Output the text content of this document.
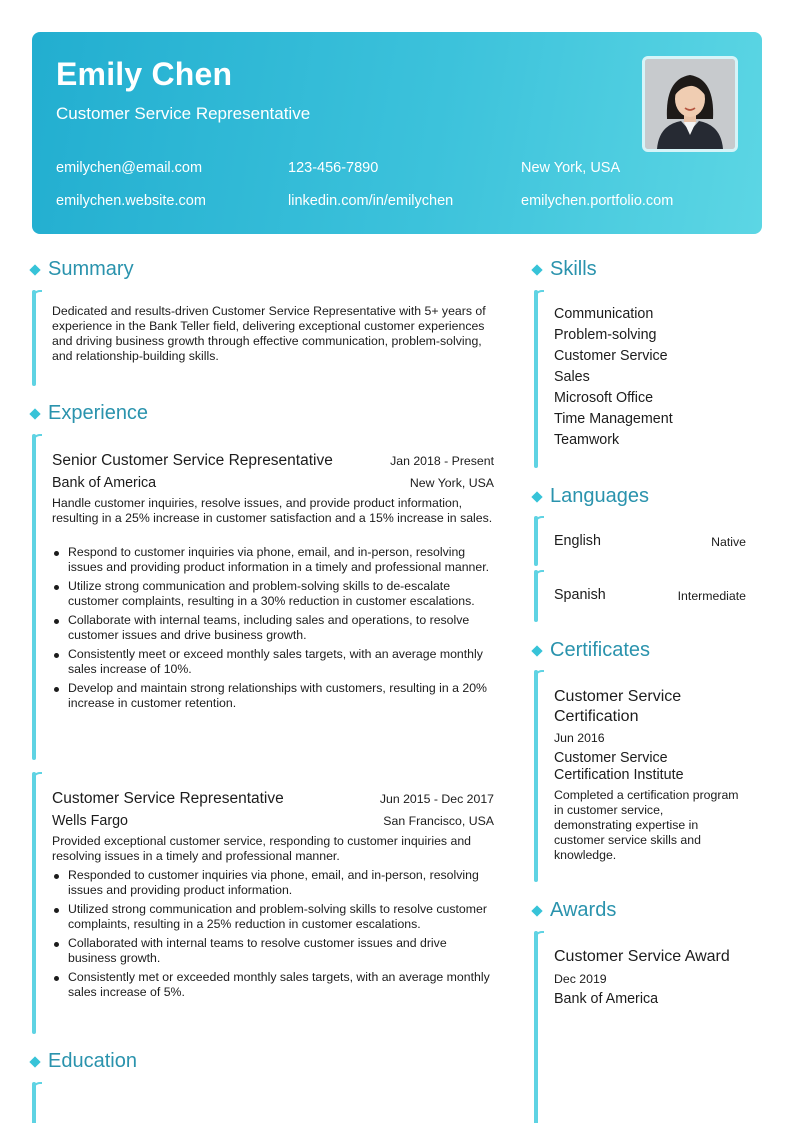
Emily Chen
Customer Service Representative
emilychen@email.com	123-456-7890	New York, USA
emilychen.website.com	linkedin.com/in/emilychen	emilychen.portfolio.com
Summary
Dedicated and results-driven Customer Service Representative with 5+ years of experience in the Bank Teller field, delivering exceptional customer experiences and driving business growth through effective communication, problem-solving, and relationship-building skills.
Experience
Senior Customer Service Representative	Jan 2018 - Present
Bank of America	New York, USA
Handle customer inquiries, resolve issues, and provide product information, resulting in a 25% increase in customer satisfaction and a 15% increase in sales.
Respond to customer inquiries via phone, email, and in-person, resolving issues and providing product information in a timely and professional manner.
Utilize strong communication and problem-solving skills to de-escalate customer complaints, resulting in a 30% reduction in customer escalations.
Collaborate with internal teams, including sales and operations, to resolve customer issues and drive business growth.
Consistently meet or exceed monthly sales targets, with an average monthly sales increase of 10%.
Develop and maintain strong relationships with customers, resulting in a 20% increase in customer retention.
Customer Service Representative	Jun 2015 - Dec 2017
Wells Fargo	San Francisco, USA
Provided exceptional customer service, responding to customer inquiries and resolving issues in a timely and professional manner.
Responded to customer inquiries via phone, email, and in-person, resolving issues and providing product information.
Utilized strong communication and problem-solving skills to resolve customer complaints, resulting in a 25% reduction in customer escalations.
Collaborated with internal teams to resolve customer issues and drive business growth.
Consistently met or exceeded monthly sales targets, with an average monthly sales increase of 5%.
Education
Skills
Communication
Problem-solving
Customer Service
Sales
Microsoft Office
Time Management
Teamwork
Languages
English	Native
Spanish	Intermediate
Certificates
Customer Service Certification
Jun 2016
Customer Service Certification Institute
Completed a certification program in customer service, demonstrating expertise in customer service skills and knowledge.
Awards
Customer Service Award
Dec 2019
Bank of America
